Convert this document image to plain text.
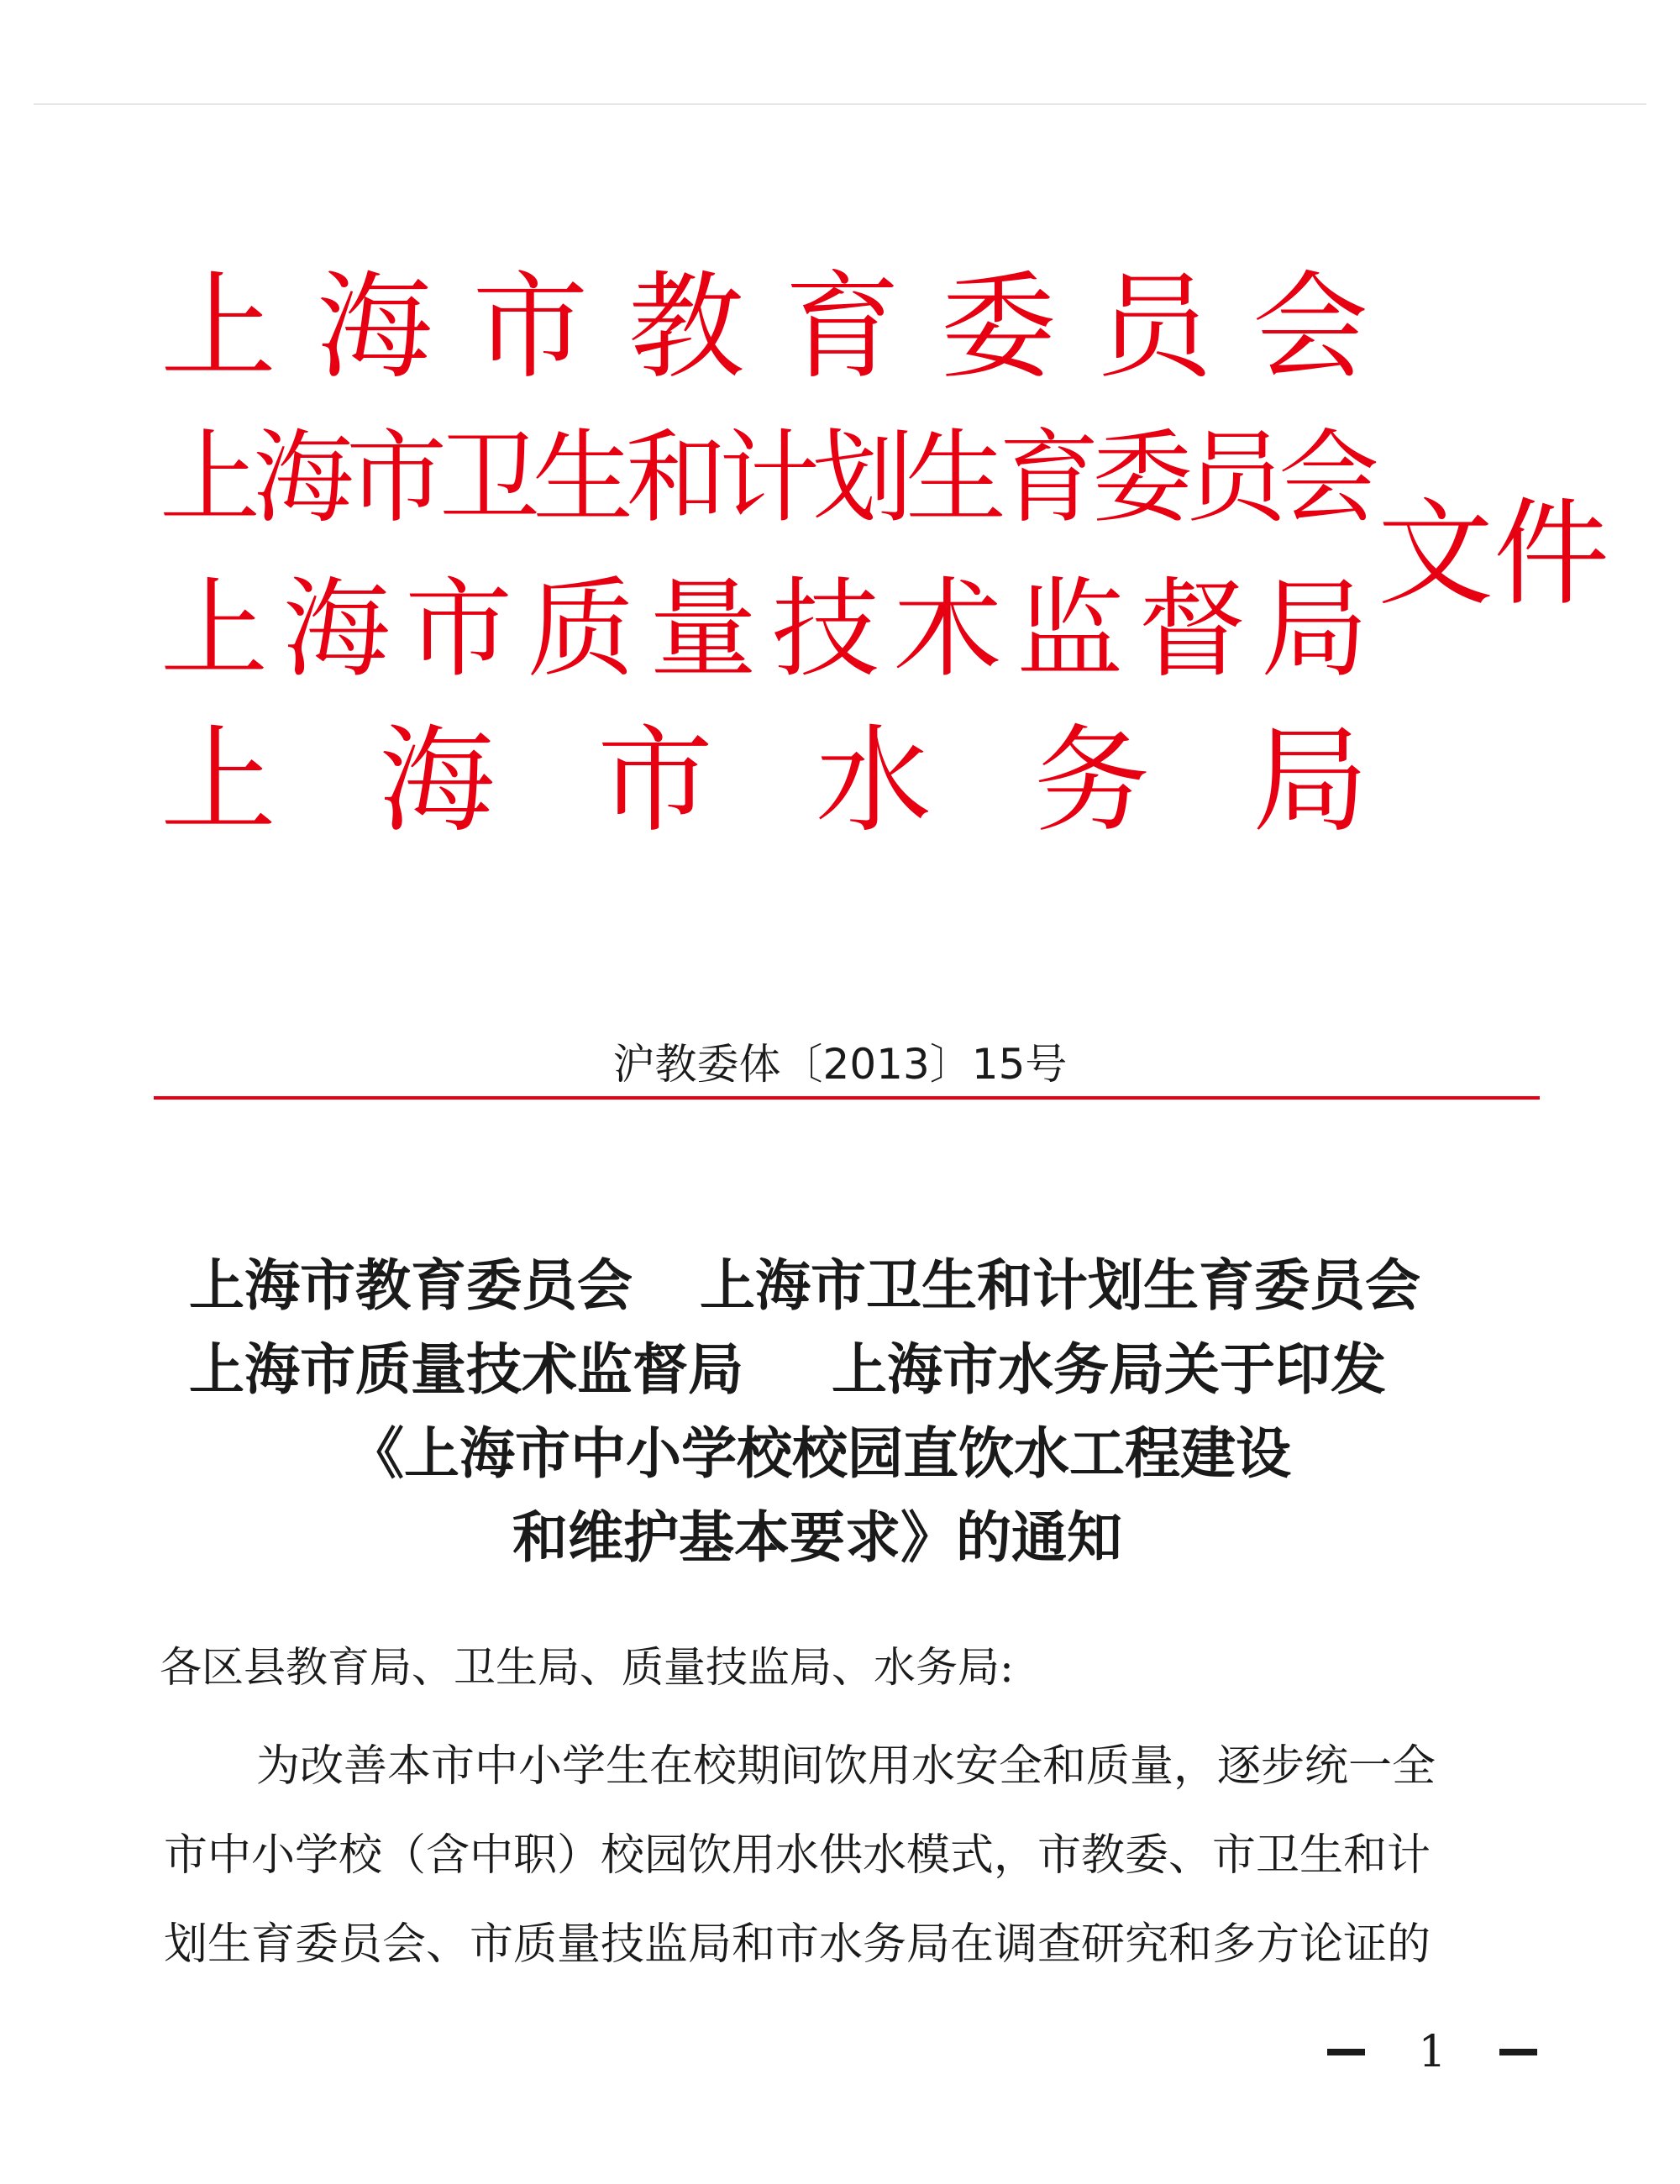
上 海 市 教 育 委 员 会
上
海
市
卫
生
和
计
划
生
育
委
员
会
上 海 市 质 量 技 术 监 督 局
上 海 市 水 务 局
文件
沪教委体〔2013〕15号
上海市教育委员会 上海市卫生和计划生育委员会
上海市质量技术监督局 上海市水务局关于印发
《上海市中小学校校园直饮水工程建设
和维护基本要求》的通知
各区县教育局、卫生局、质量技监局、水务局:
为改善本市中小学生在校期间饮用水安全和质量，逐步统一全
市中小学校（含中职）校园饮用水供水模式，市教委、市卫生和计
划生育委员会、市质量技监局和市水务局在调查研究和多方论证的
1
